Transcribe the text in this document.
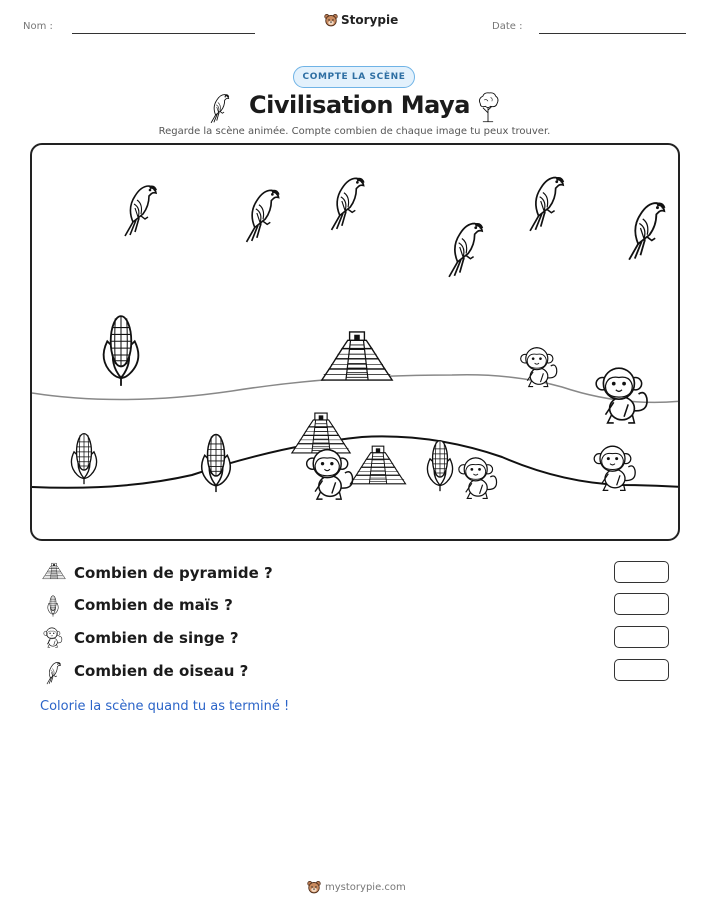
Nom :	Storypie	Date :
COMPTE LA SCÈNE
Civilisation Maya
Regarde la scène animée. Compte combien de chaque image tu peux trouver.
Combien de pyramide ?
Combien de maïs ?
Combien de singe ?
Combien de oiseau ?
Colorie la scène quand tu as terminé !
mystorypie.com
